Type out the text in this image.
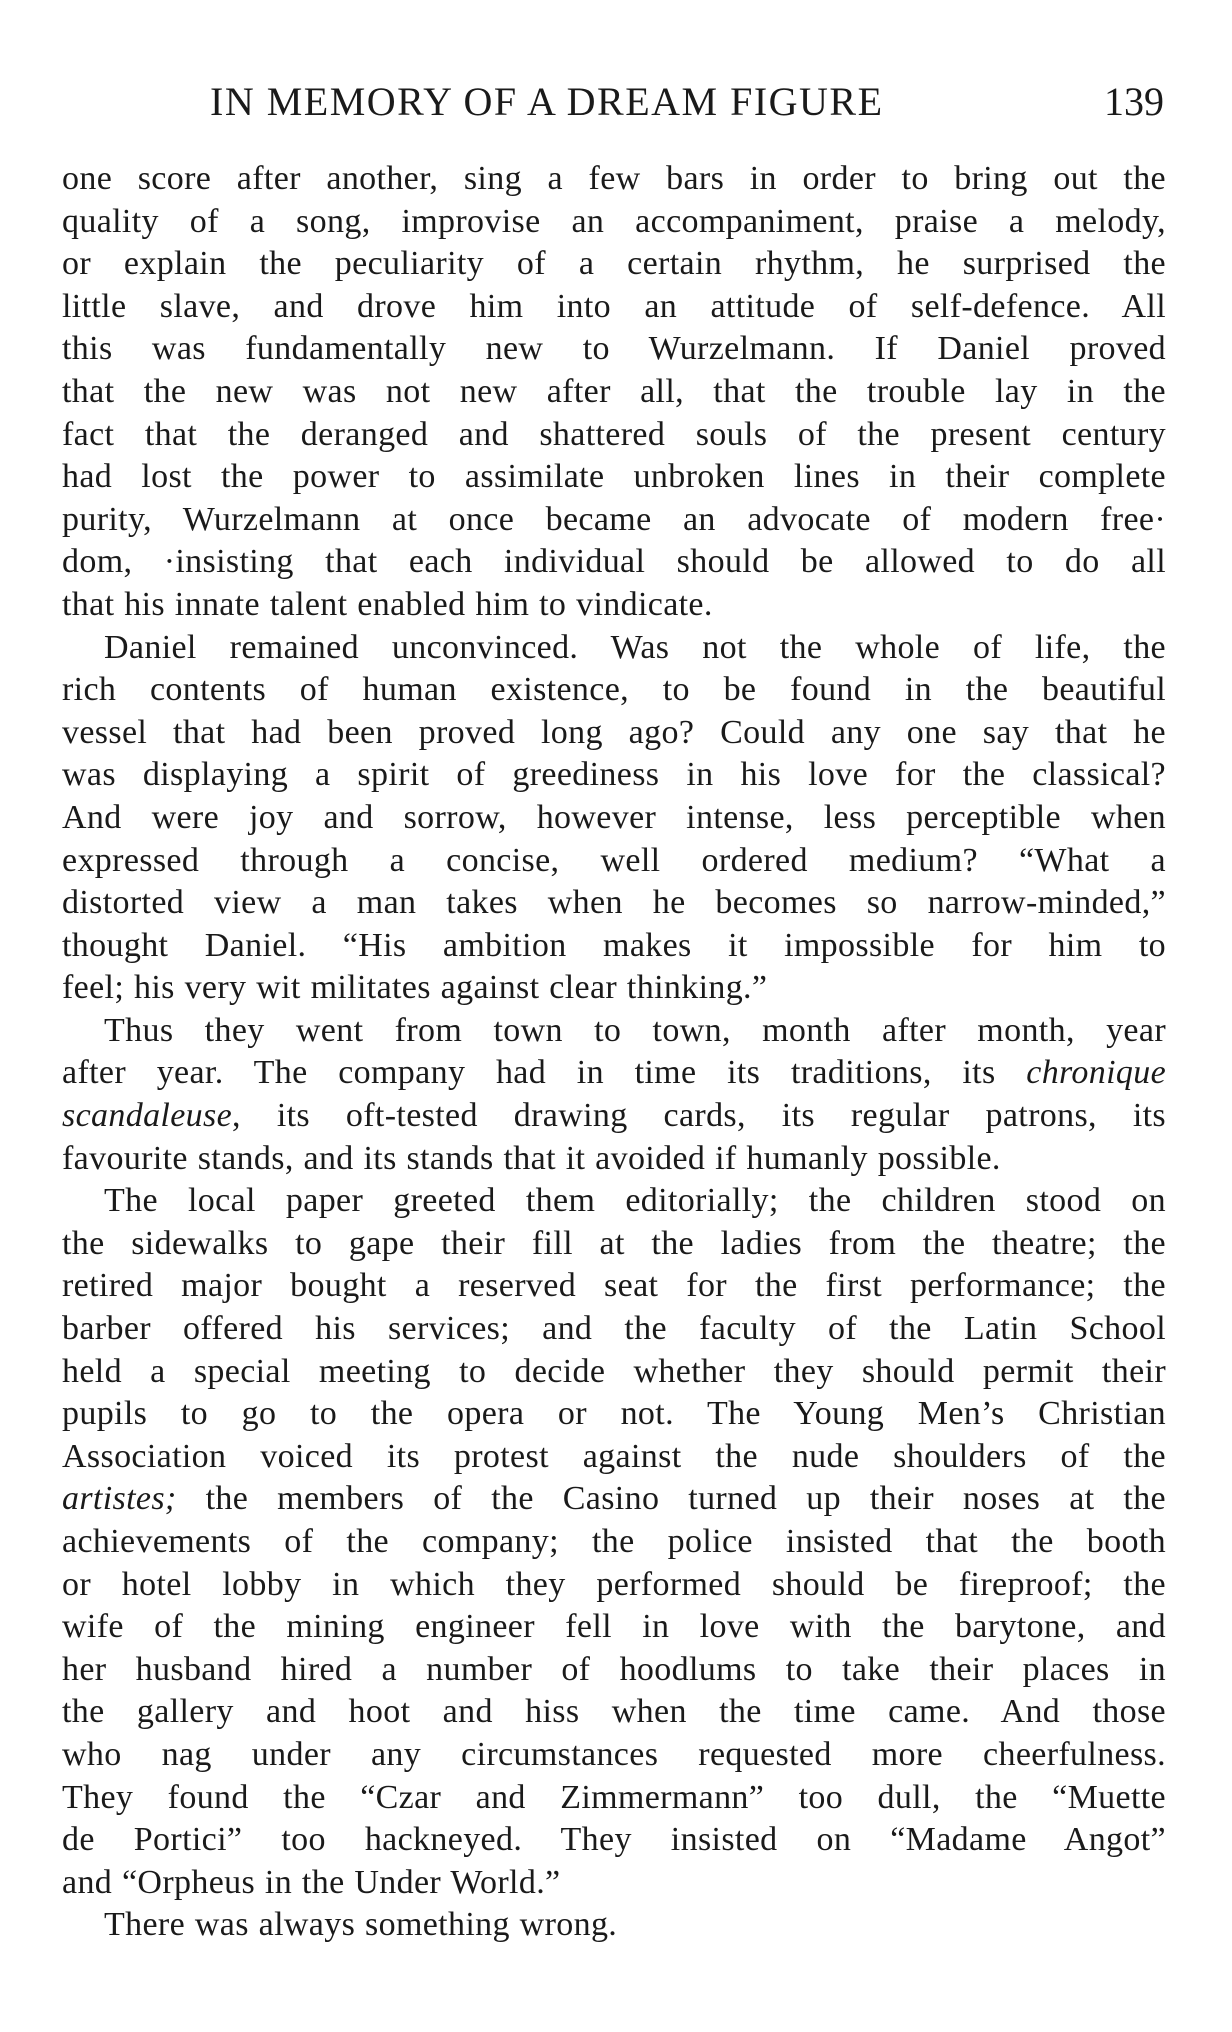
IN MEMORY OF A DREAM FIGURE	139
one score after another, sing a few bars in order to bring out the
quality of a song, improvise an accompaniment, praise a melody,
or explain the peculiarity of a certain rhythm, he surprised the
little slave, and drove him into an attitude of self-defence. All
this was fundamentally new to Wurzelmann. If Daniel proved
that the new was not new after all, that the trouble lay in the
fact that the deranged and shattered souls of the present century
had lost the power to assimilate unbroken lines in their complete
purity, Wurzelmann at once became an advocate of modern free·
dom, ·insisting that each individual should be allowed to do all
that his innate talent enabled him to vindicate.
Daniel remained unconvinced. Was not the whole of life, the
rich contents of human existence, to be found in the beautiful
vessel that had been proved long ago? Could any one say that he
was displaying a spirit of greediness in his love for the classical?
And were joy and sorrow, however intense, less perceptible when
expressed through a concise, well ordered medium? “What a
distorted view a man takes when he becomes so narrow-minded,”
thought Daniel. “His ambition makes it impossible for him to
feel; his very wit militates against clear thinking.”
Thus they went from town to town, month after month, year
after year. The company had in time its traditions, its chronique
scandaleuse, its oft-tested drawing cards, its regular patrons, its
favourite stands, and its stands that it avoided if humanly possible.
The local paper greeted them editorially; the children stood on
the sidewalks to gape their fill at the ladies from the theatre; the
retired major bought a reserved seat for the first performance; the
barber offered his services; and the faculty of the Latin School
held a special meeting to decide whether they should permit their
pupils to go to the opera or not. The Young Men’s Christian
Association voiced its protest against the nude shoulders of the
artistes; the members of the Casino turned up their noses at the
achievements of the company; the police insisted that the booth
or hotel lobby in which they performed should be fireproof; the
wife of the mining engineer fell in love with the barytone, and
her husband hired a number of hoodlums to take their places in
the gallery and hoot and hiss when the time came. And those
who nag under any circumstances requested more cheerfulness.
They found the “Czar and Zimmermann” too dull, the “Muette
de Portici” too hackneyed. They insisted on “Madame Angot”
and “Orpheus in the Under World.”
There was always something wrong.
